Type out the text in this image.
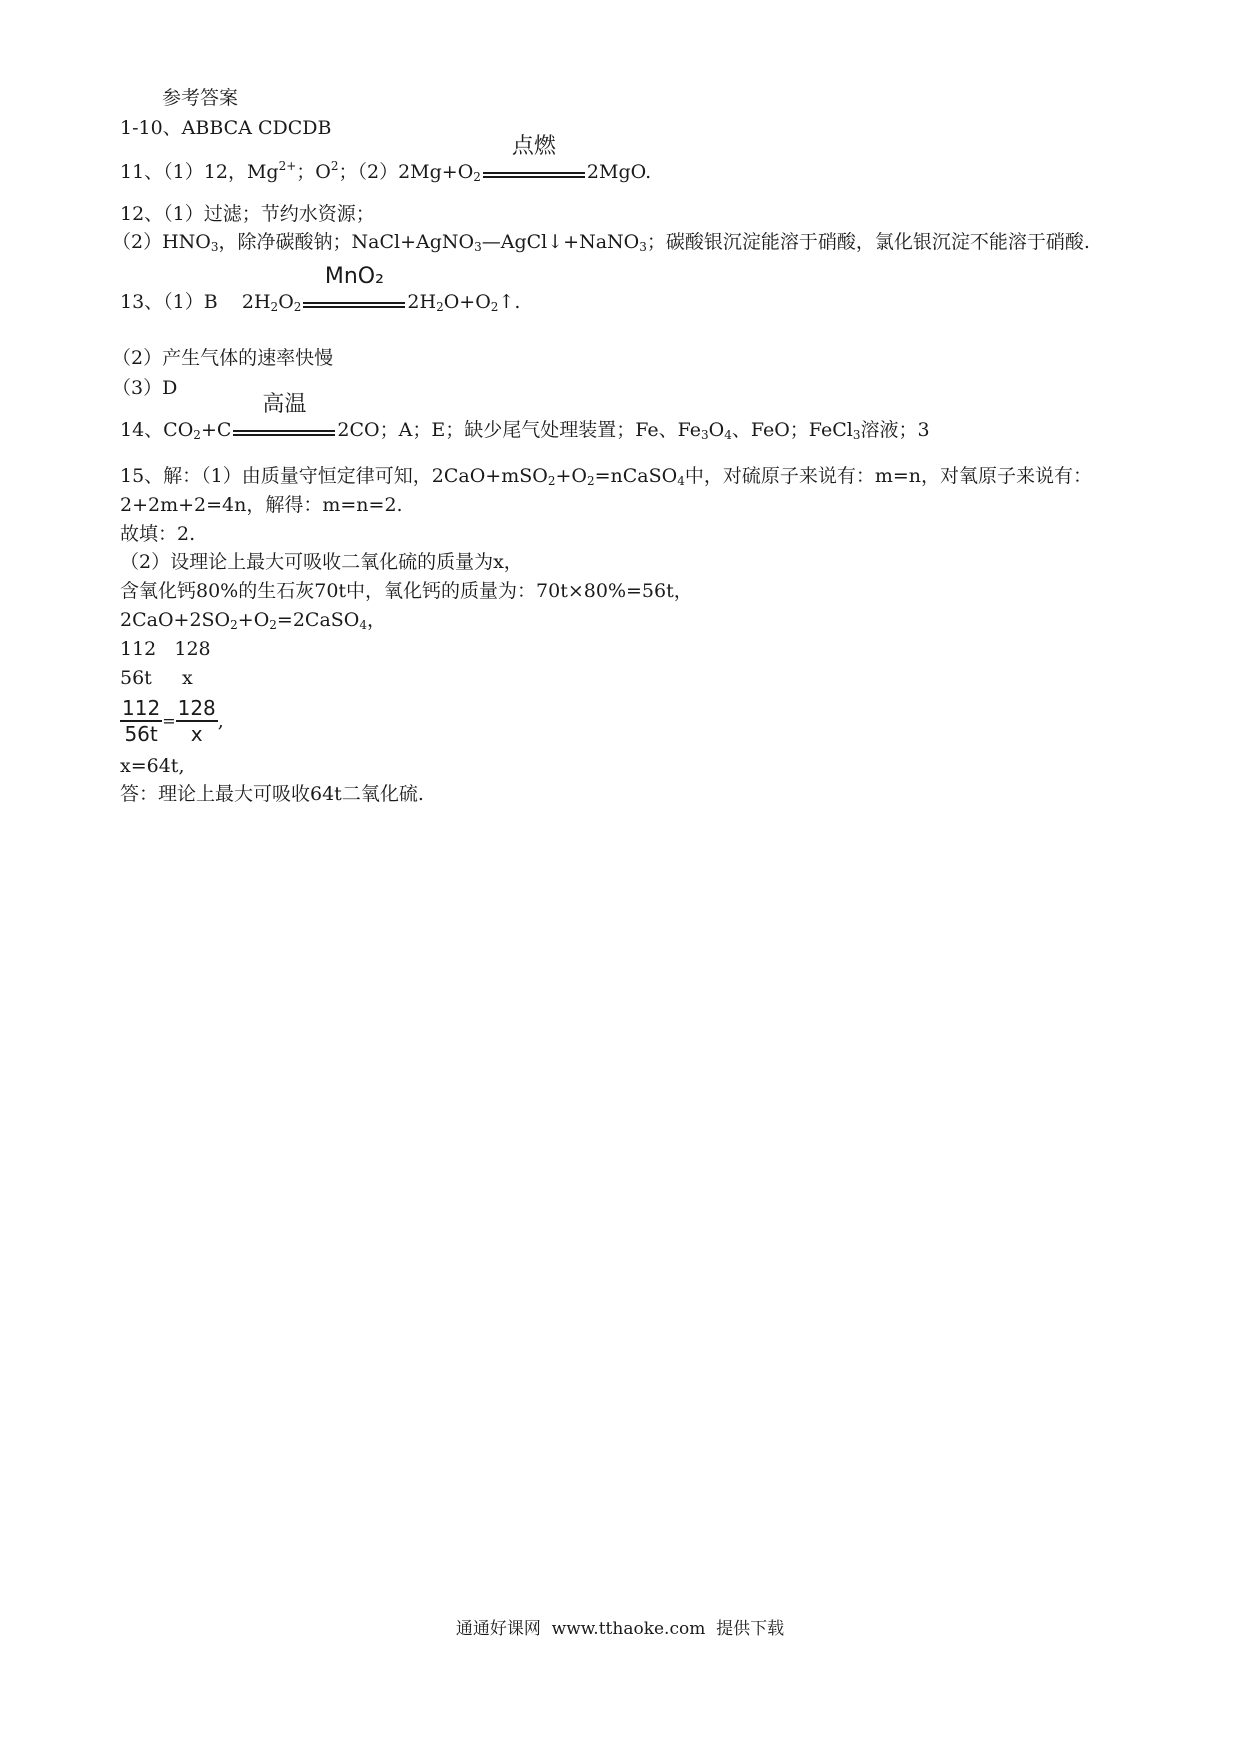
参考答案
1-10、ABBCA CDCDB
11、（1）12，$Mg^{2+}$；$O^2$；$(2)2Mg+O_2$
点燃
2MgO.
12、（1）过滤；节约水资源；
$(2)HNO_3$，除净碳酸钠；NaCl+AgNO$_3$—AgCl↓+NaNO$_3$；碳酸银沉淀能溶于硝酸，氯化银沉淀不能溶于硝酸.
13、（1）B    $2H_2O_2$
MnO₂
$2H_2O+O_2↑$.
（2）产生气体的速率快慢
（3）D
14、$CO_2+C$
高温
2CO；A；E；缺少尾气处理装置；Fe、$Fe_3O_4$、FeO；FeCl$_3$溶液；3
15、解：（1）由质量守恒定律可知，$2CaO+mSO_2+O_2=nCaSO_4$中，对硫原子来说有：m=n，对氧原子来说有：
2+2m+2=4n，解得：m=n=2.
故填：2.
（2）设理论上最大可吸收二氧化硫的质量为x，
含氧化钙80%的生石灰70t中，氧化钙的质量为：70t×80%=56t，
$2CaO+2SO_2+O_2=2CaSO_4$，
112   128
56t     x
$\frac{112}{56t} = \frac{128}{x}$ ,
x=64t,
答：理论上最大可吸收64t二氧化硫.
通通好课网  www.tthaoke.com  提供下载
